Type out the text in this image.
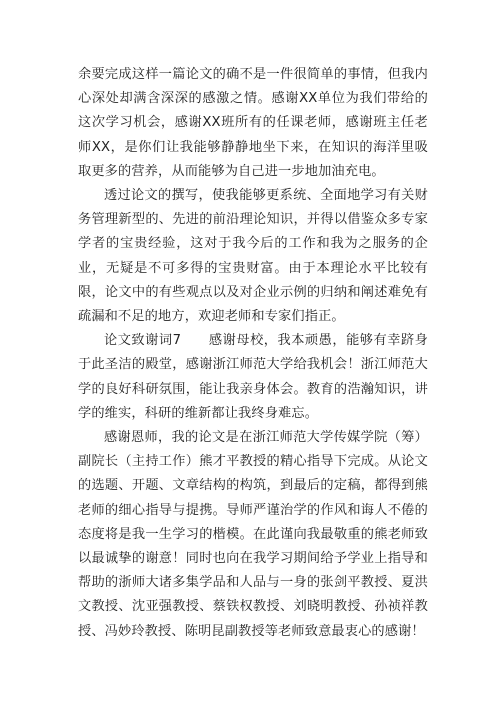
余要完成这样一篇论文的确不是一件很简单的事情，但我内心深处却满含深深的感激之情。感谢XX单位为我们带给的这次学习机会，感谢XX班所有的任课老师，感谢班主任老师XX，是你们让我能够静静地坐下来，在知识的海洋里吸取更多的营养，从而能够为自己进一步地加油充电。

透过论文的撰写，使我能够更系统、全面地学习有关财务管理新型的、先进的前沿理论知识，并得以借鉴众多专家学者的宝贵经验，这对于我今后的工作和我为之服务的企业，无疑是不可多得的宝贵财富。由于本理论水平比较有限，论文中的有些观点以及对企业示例的归纳和阐述难免有疏漏和不足的地方，欢迎老师和专家们指正。

论文致谢词7　　感谢母校，我本顽愚，能够有幸跻身于此圣洁的殿堂，感谢浙江师范大学给我机会！浙江师范大学的良好科研氛围，能让我亲身体会。教育的浩瀚知识，讲学的维实，科研的维新都让我终身难忘。

感谢恩师，我的论文是在浙江师范大学传媒学院（筹）副院长（主持工作）熊才平教授的精心指导下完成。从论文的选题、开题、文章结构的构筑，到最后的定稿，都得到熊老师的细心指导与提携。导师严谨治学的作风和诲人不倦的态度将是我一生学习的楷模。在此谨向我最敬重的熊老师致以最诚挚的谢意！同时也向在我学习期间给予学业上指导和帮助的浙师大诸多集学品和人品与一身的张剑平教授、夏洪文教授、沈亚强教授、蔡铁权教授、刘晓明教授、孙祯祥教授、冯妙玲教授、陈明昆副教授等老师致意最衷心的感谢！
